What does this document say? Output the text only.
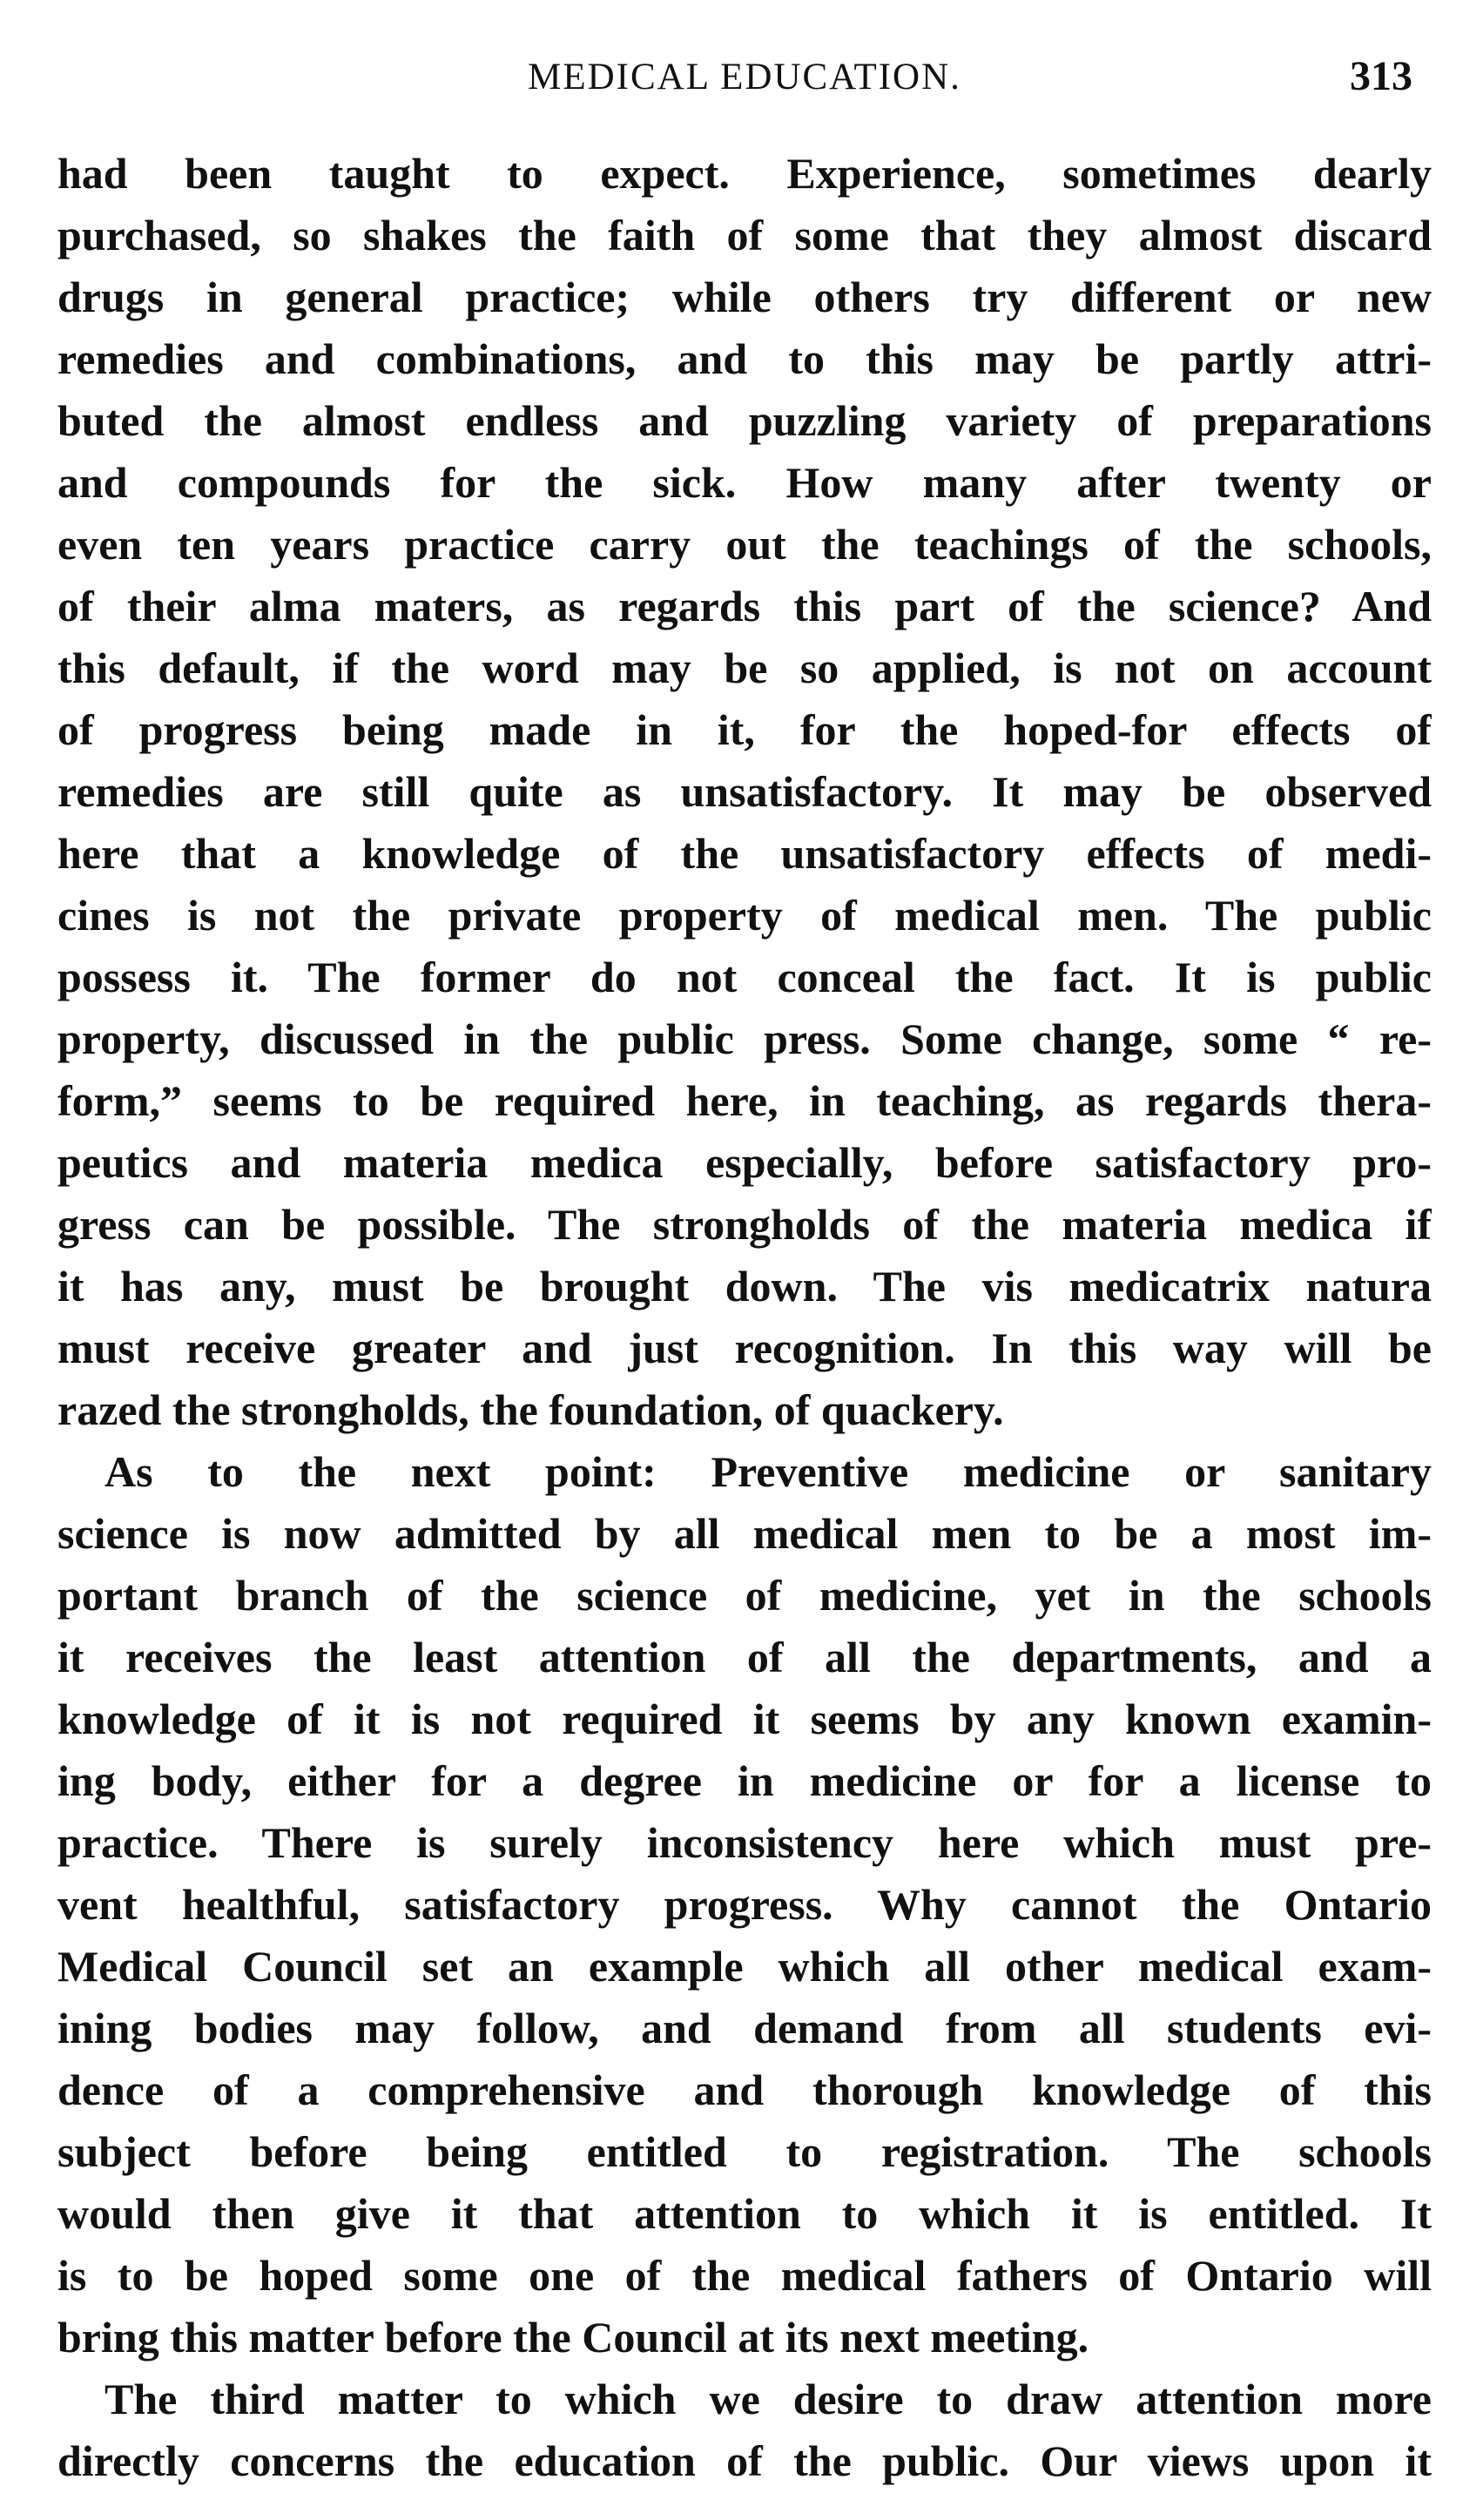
MEDICAL EDUCATION.	313
had been taught to expect. Experience, sometimes dearly
purchased, so shakes the faith of some that they almost discard
drugs in general practice; while others try different or new
remedies and combinations, and to this may be partly attri-
buted the almost endless and puzzling variety of preparations
and compounds for the sick. How many after twenty or
even ten years practice carry out the teachings of the schools,
of their alma maters, as regards this part of the science? And
this default, if the word may be so applied, is not on account
of progress being made in it, for the hoped-for effects of
remedies are still quite as unsatisfactory. It may be observed
here that a knowledge of the unsatisfactory effects of medi-
cines is not the private property of medical men. The public
possess it. The former do not conceal the fact. It is public
property, discussed in the public press. Some change, some “ re-
form,” seems to be required here, in teaching, as regards thera-
peutics and materia medica especially, before satisfactory pro-
gress can be possible. The strongholds of the materia medica if
it has any, must be brought down. The vis medicatrix natura
must receive greater and just recognition. In this way will be
razed the strongholds, the foundation, of quackery.
As to the next point: Preventive medicine or sanitary
science is now admitted by all medical men to be a most im-
portant branch of the science of medicine, yet in the schools
it receives the least attention of all the departments, and a
knowledge of it is not required it seems by any known examin-
ing body, either for a degree in medicine or for a license to
practice. There is surely inconsistency here which must pre-
vent healthful, satisfactory progress. Why cannot the Ontario
Medical Council set an example which all other medical exam-
ining bodies may follow, and demand from all students evi-
dence of a comprehensive and thorough knowledge of this
subject before being entitled to registration. The schools
would then give it that attention to which it is entitled. It
is to be hoped some one of the medical fathers of Ontario will
bring this matter before the Council at its next meeting.
The third matter to which we desire to draw attention more
directly concerns the education of the public. Our views upon it
